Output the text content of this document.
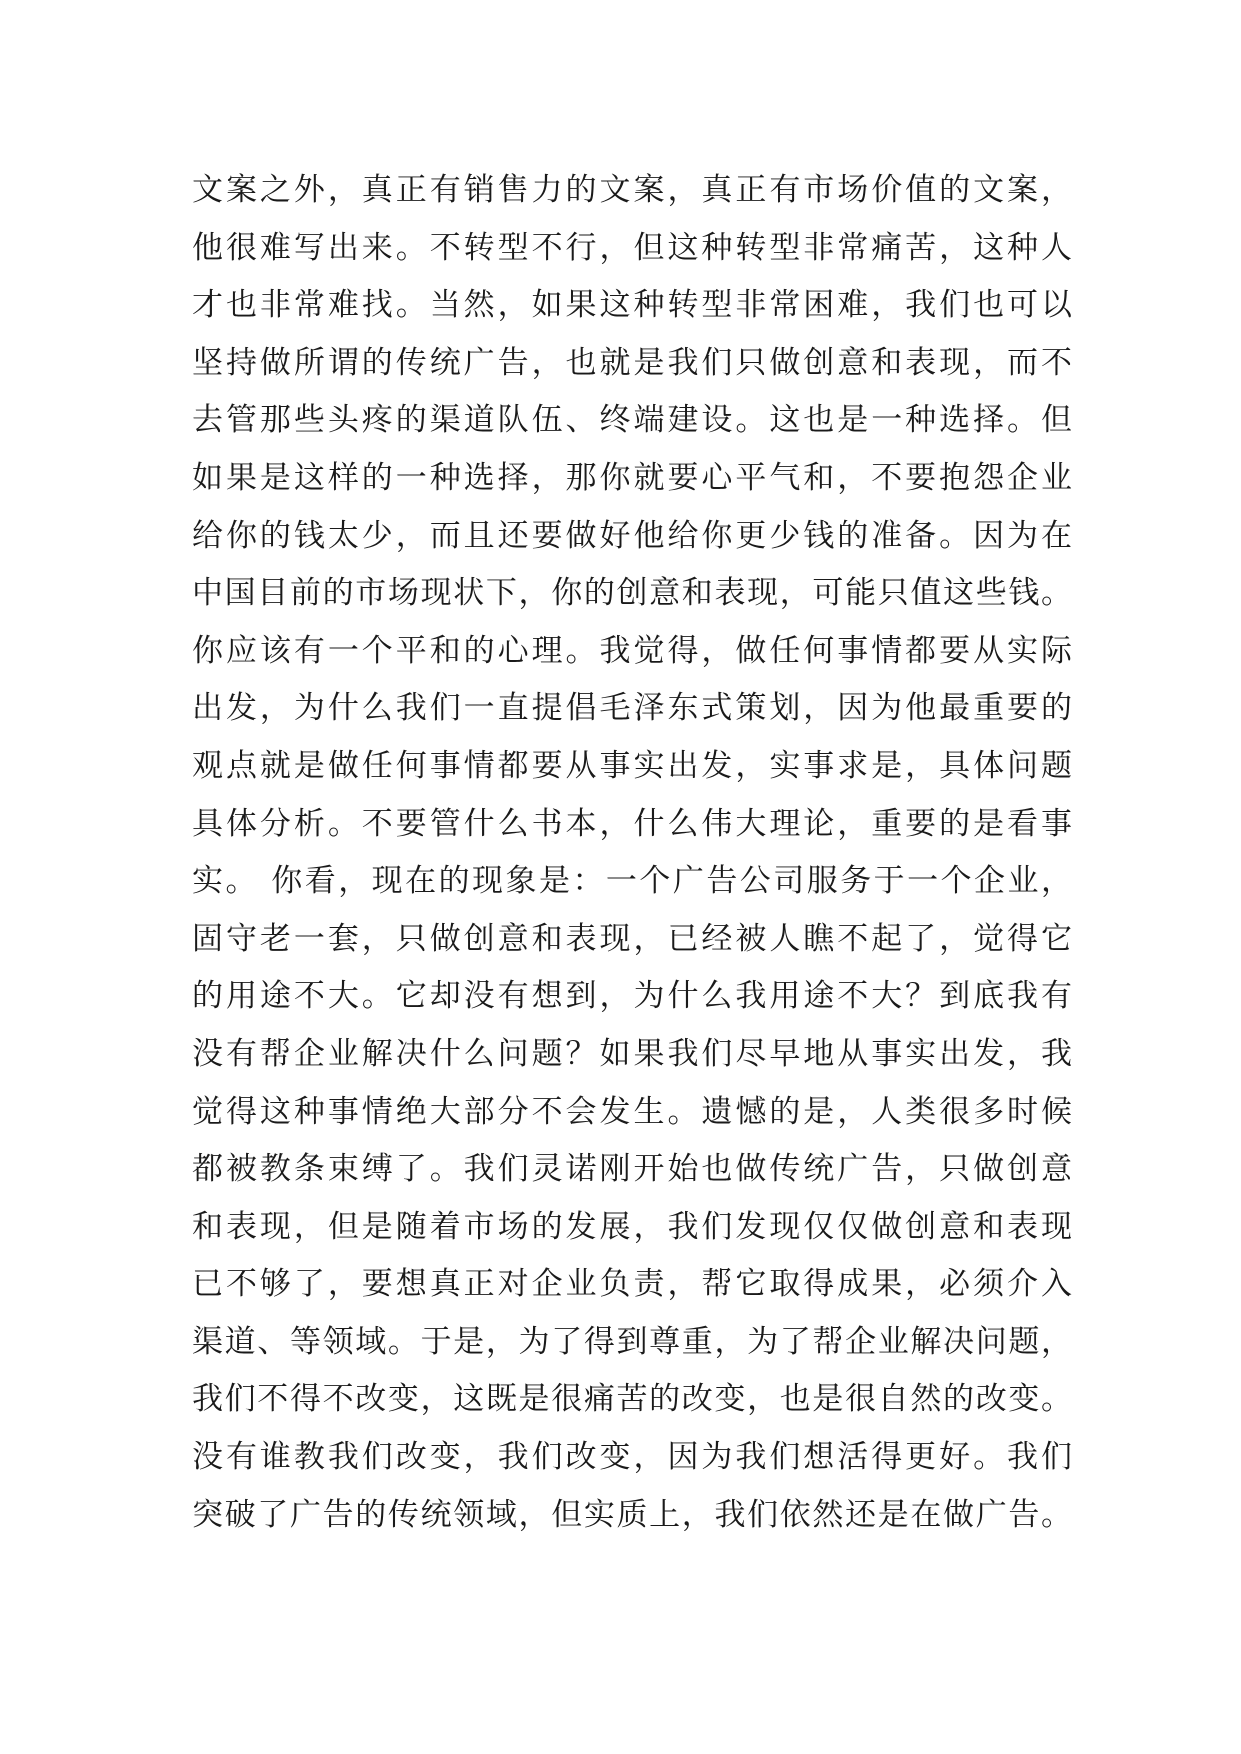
文案之外，真正有销售力的文案，真正有市场价值的文案，
他很难写出来。不转型不行，但这种转型非常痛苦，这种人
才也非常难找。当然，如果这种转型非常困难，我们也可以
坚持做所谓的传统广告，也就是我们只做创意和表现，而不
去管那些头疼的渠道队伍、终端建设。这也是一种选择。但
如果是这样的一种选择，那你就要心平气和，不要抱怨企业
给你的钱太少，而且还要做好他给你更少钱的准备。因为在
中国目前的市场现状下，你的创意和表现，可能只值这些钱。
你应该有一个平和的心理。我觉得，做任何事情都要从实际
出发，为什么我们一直提倡毛泽东式策划，因为他最重要的
观点就是做任何事情都要从事实出发，实事求是，具体问题
具体分析。不要管什么书本，什么伟大理论，重要的是看事
实。 你看，现在的现象是：一个广告公司服务于一个企业，
固守老一套，只做创意和表现，已经被人瞧不起了，觉得它
的用途不大。它却没有想到，为什么我用途不大？到底我有
没有帮企业解决什么问题？如果我们尽早地从事实出发，我
觉得这种事情绝大部分不会发生。遗憾的是，人类很多时候
都被教条束缚了。我们灵诺刚开始也做传统广告，只做创意
和表现，但是随着市场的发展，我们发现仅仅做创意和表现
已不够了，要想真正对企业负责，帮它取得成果，必须介入
渠道、等领域。于是，为了得到尊重，为了帮企业解决问题，
我们不得不改变，这既是很痛苦的改变，也是很自然的改变。
没有谁教我们改变，我们改变，因为我们想活得更好。我们
突破了广告的传统领域，但实质上，我们依然还是在做广告。
